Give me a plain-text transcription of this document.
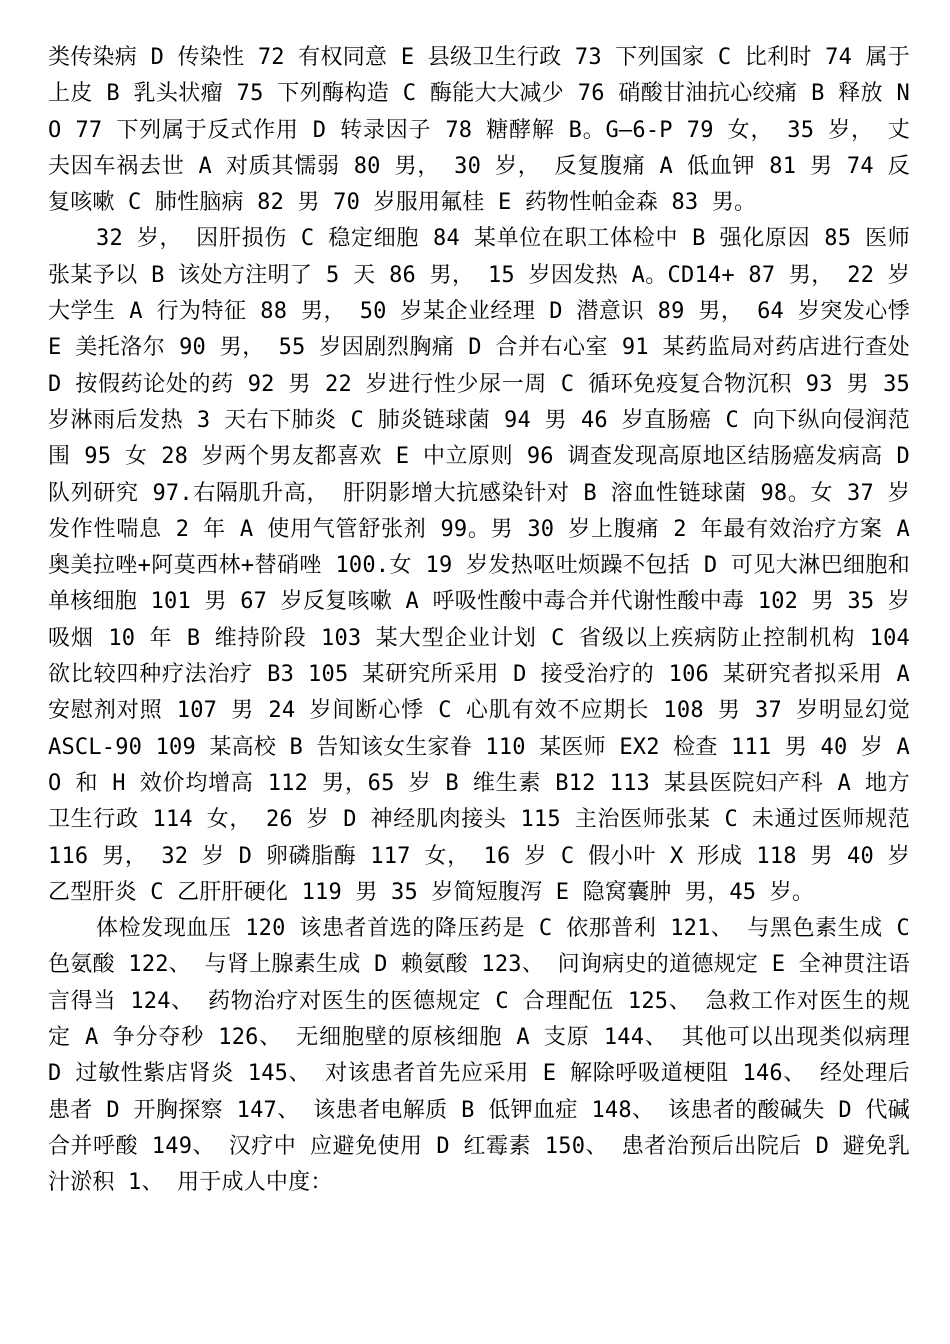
类传染病 D 传染性 72 有权同意 E 县级卫生行政 73 下列国家 C 比利时 74 属于上皮 B 乳头状瘤 75 下列酶构造 C 酶能大大减少 76 硝酸甘油抗心绞痛 B 释放 NO 77 下列属于反式作用 D 转录因子 78 糖酵解 B。G—6-P 79 女， 35 岁， 丈夫因车祸去世 A 对质其懦弱 80 男， 30 岁， 反复腹痛 A 低血钾 81 男 74 反复咳嗽 C 肺性脑病 82 男 70 岁服用氟桂 E 药物性帕金森 83 男。

32 岁， 因肝损伤 C 稳定细胞 84 某单位在职工体检中 B 强化原因 85 医师张某予以 B 该处方注明了 5 天 86 男， 15 岁因发热 A。CD14+ 87 男， 22 岁大学生 A 行为特征 88 男， 50 岁某企业经理 D 潜意识 89 男， 64 岁突发心悸 E 美托洛尔 90 男， 55 岁因剧烈胸痛 D 合并右心室 91 某药监局对药店进行查处 D 按假药论处的药 92 男 22 岁进行性少尿一周 C 循环免疫复合物沉积 93 男 35 岁淋雨后发热 3 天右下肺炎 C 肺炎链球菌 94 男 46 岁直肠癌 C 向下纵向侵润范围 95 女 28 岁两个男友都喜欢 E 中立原则 96 调查发现高原地区结肠癌发病高 D 队列研究 97.右隔肌升高， 肝阴影增大抗感染针对 B 溶血性链球菌 98。女 37 岁发作性喘息 2 年 A 使用气管舒张剂 99。男 30 岁上腹痛 2 年最有效治疗方案 A 奥美拉唑+阿莫西林+替硝唑 100.女 19 岁发热呕吐烦躁不包括 D 可见大淋巴细胞和单核细胞 101 男 67 岁反复咳嗽 A 呼吸性酸中毒合并代谢性酸中毒 102 男 35 岁吸烟 10 年 B 维持阶段 103 某大型企业计划 C 省级以上疾病防止控制机构 104 欲比较四种疗法治疗 B3 105 某研究所采用 D 接受治疗的 106 某研究者拟采用 A 安慰剂对照 107 男 24 岁间断心悸 C 心肌有效不应期长 108 男 37 岁明显幻觉 ASCL-90 109 某高校 B 告知该女生家眷 110 某医师 EX2 检查 111 男 40 岁 AO 和 H 效价均增高 112 男，65 岁 B 维生素 B12 113 某县医院妇产科 A 地方卫生行政 114 女， 26 岁 D 神经肌肉接头 115 主治医师张某 C 未通过医师规范 116 男， 32 岁 D 卵磷脂酶 117 女， 16 岁 C 假小叶 X 形成 118 男 40 岁乙型肝炎 C 乙肝肝硬化 119 男 35 岁简短腹泻 E 隐窝囊肿 男，45 岁。

体检发现血压 120 该患者首选的降压药是 C 依那普利 121、 与黑色素生成 C 色氨酸 122、 与肾上腺素生成 D 赖氨酸 123、 问询病史的道德规定 E 全神贯注语言得当 124、 药物治疗对医生的医德规定 C 合理配伍 125、 急救工作对医生的规定 A 争分夺秒 126、 无细胞壁的原核细胞 A 支原 144、 其他可以出现类似病理 D 过敏性紫店肾炎 145、 对该患者首先应采用 E 解除呼吸道梗阻 146、 经处理后患者 D 开胸探察 147、 该患者电解质 B 低钾血症 148、 该患者的酸碱失 D 代碱合并呼酸 149、 汉疗中 应避免使用 D 红霉素 150、 患者治预后出院后 D 避免乳汁淤积 1、 用于成人中度：
